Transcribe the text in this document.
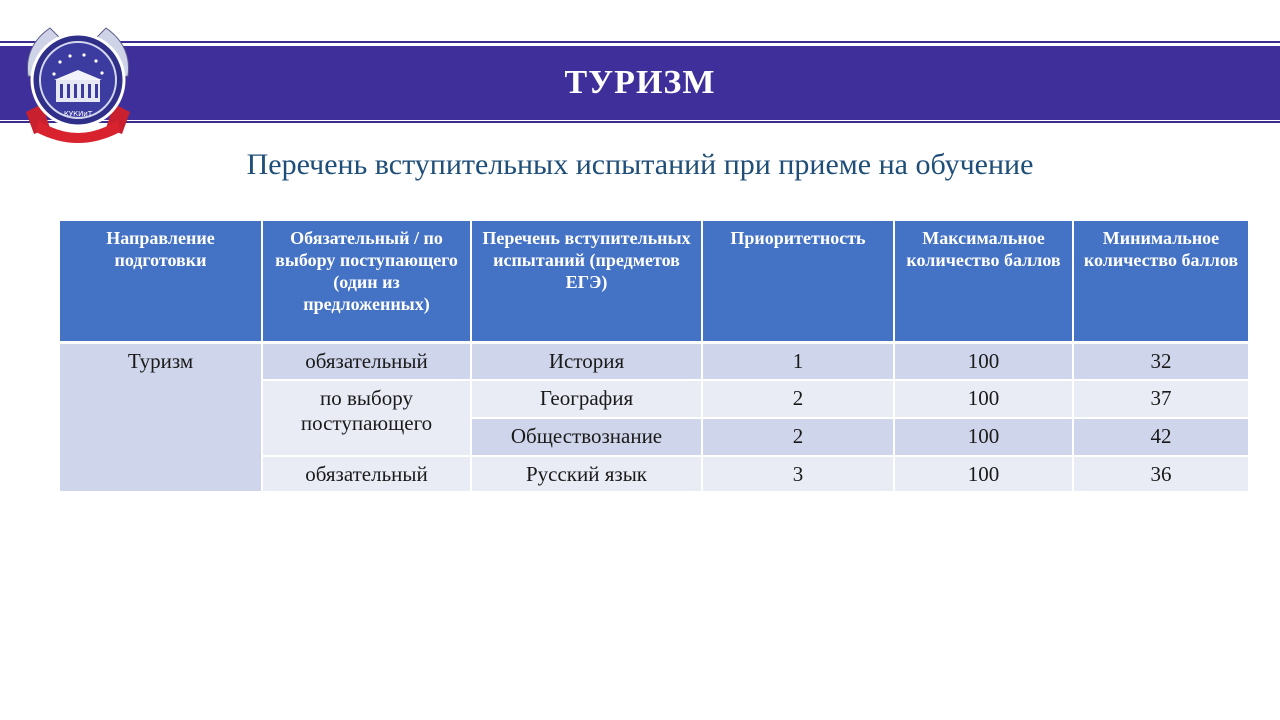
ТУРИЗМ
КУКИиТ
Перечень вступительных испытаний при приеме на обучение
Направление подготовки	Обязательный / по выбору поступающего (один из предложенных)	Перечень вступительных испытаний (предметов ЕГЭ)	Приоритетность	Максимальное количество баллов	Минимальное количество баллов
Туризм	обязательный	История	1	100	32
	по выбору поступающего	География	2	100	37
		Обществознание	2	100	42
	обязательный	Русский язык	3	100	36
